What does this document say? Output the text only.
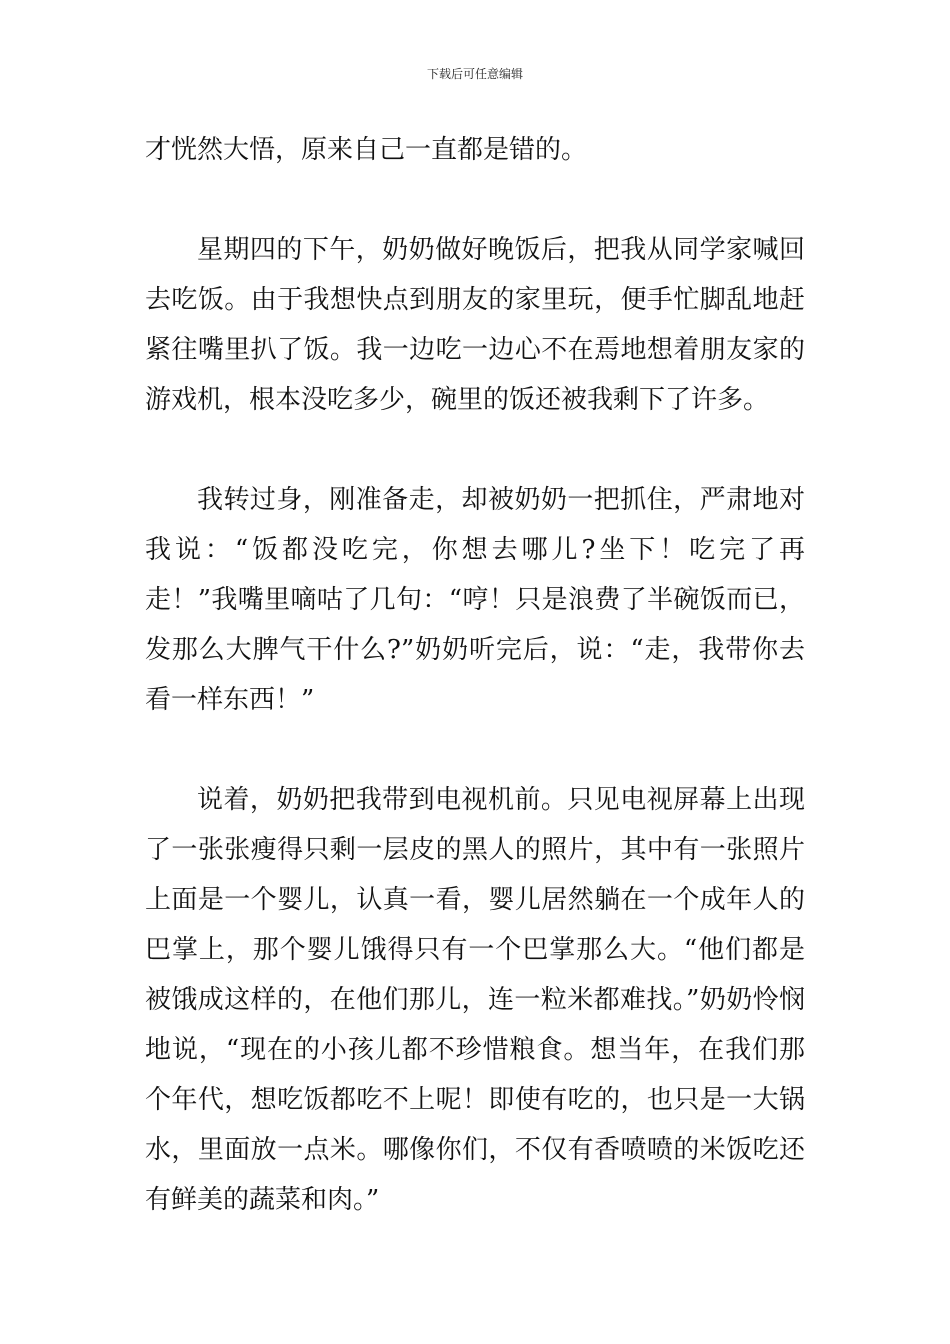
下载后可任意编辑

才恍然大悟，原来自己一直都是错的。

星期四的下午，奶奶做好晚饭后，把我从同学家喊回去吃饭。由于我想快点到朋友的家里玩，便手忙脚乱地赶紧往嘴里扒了饭。我一边吃一边心不在焉地想着朋友家的游戏机，根本没吃多少，碗里的饭还被我剩下了许多。

我转过身，刚准备走，却被奶奶一把抓住，严肃地对我说：“饭都没吃完，你想去哪儿?坐下！吃完了再走！”我嘴里嘀咕了几句：“哼！只是浪费了半碗饭而已，发那么大脾气干什么?”奶奶听完后，说：“走，我带你去看一样东西！”

说着，奶奶把我带到电视机前。只见电视屏幕上出现了一张张瘦得只剩一层皮的黑人的照片，其中有一张照片上面是一个婴儿，认真一看，婴儿居然躺在一个成年人的巴掌上，那个婴儿饿得只有一个巴掌那么大。“他们都是被饿成这样的，在他们那儿，连一粒米都难找。”奶奶怜悯地说，“现在的小孩儿都不珍惜粮食。想当年，在我们那个年代，想吃饭都吃不上呢！即使有吃的，也只是一大锅水，里面放一点米。哪像你们，不仅有香喷喷的米饭吃还有鲜美的蔬菜和肉。”
